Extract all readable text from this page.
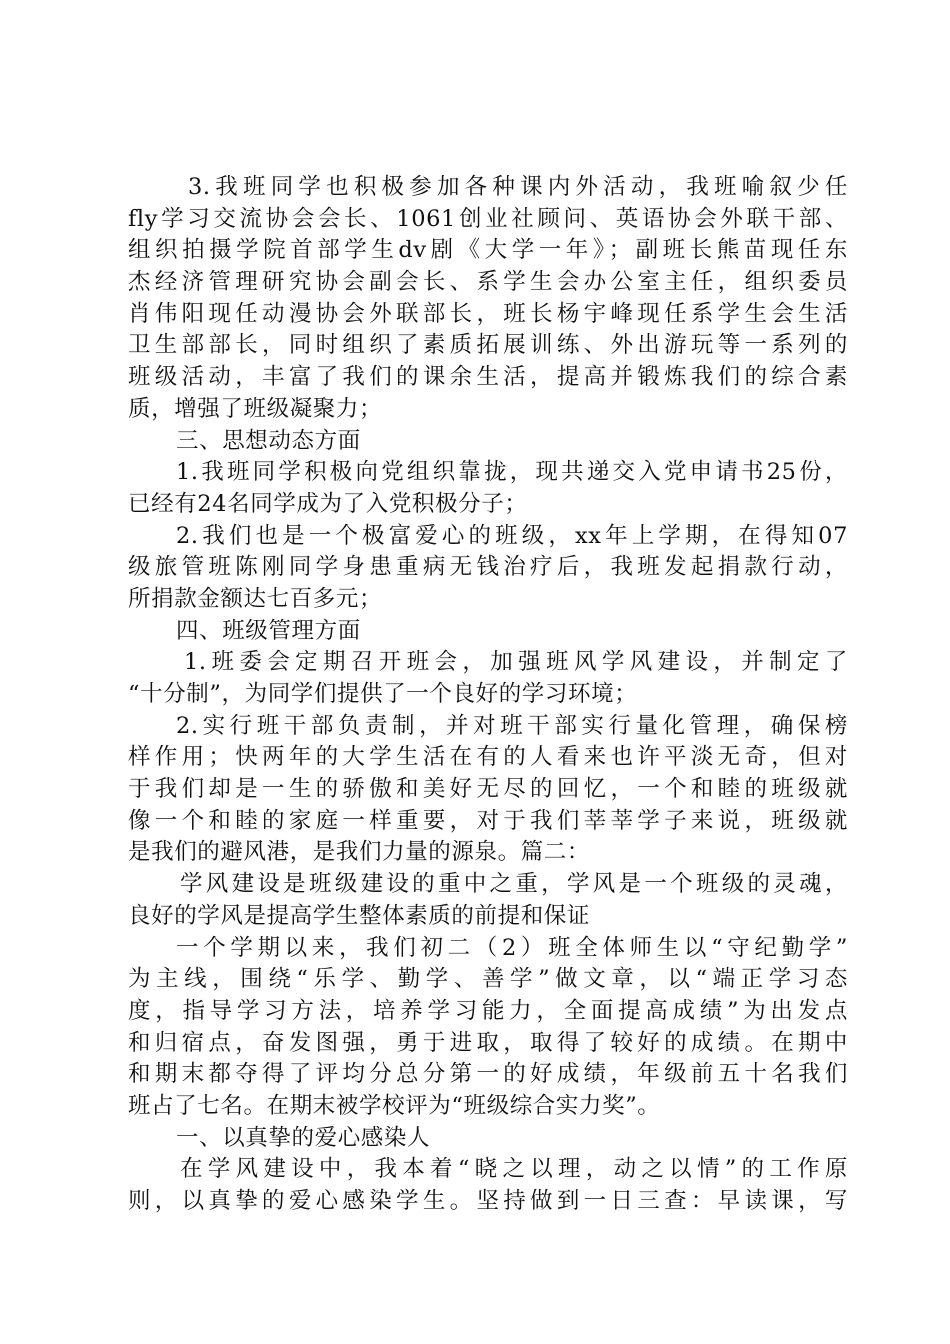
3.我班同学也积极参加各种课内外活动，我班喻叙少任
fly学习交流协会会长、1061创业社顾问、英语协会外联干部、
组织拍摄学院首部学生dv剧《大学一年》；副班长熊苗现任东
杰经济管理研究协会副会长、系学生会办公室主任，组织委员
肖伟阳现任动漫协会外联部长，班长杨宇峰现任系学生会生活
卫生部部长，同时组织了素质拓展训练、外出游玩等一系列的
班级活动，丰富了我们的课余生活，提高并锻炼我们的综合素
质，增强了班级凝聚力；
三、思想动态方面
1.我班同学积极向党组织靠拢，现共递交入党申请书25份，
已经有24名同学成为了入党积极分子；
2.我们也是一个极富爱心的班级，xx年上学期，在得知07
级旅管班陈刚同学身患重病无钱治疗后，我班发起捐款行动，
所捐款金额达七百多元；
四、班级管理方面
1.班委会定期召开班会，加强班风学风建设，并制定了
“十分制”，为同学们提供了一个良好的学习环境；
2.实行班干部负责制，并对班干部实行量化管理，确保榜
样作用；快两年的大学生活在有的人看来也许平淡无奇，但对
于我们却是一生的骄傲和美好无尽的回忆，一个和睦的班级就
像一个和睦的家庭一样重要，对于我们莘莘学子来说，班级就
是我们的避风港，是我们力量的源泉。篇二：
学风建设是班级建设的重中之重，学风是一个班级的灵魂，
良好的学风是提高学生整体素质的前提和保证
一个学期以来，我们初二（2）班全体师生以“守纪勤学”
为主线，围绕“乐学、勤学、善学”做文章，以“端正学习态
度，指导学习方法，培养学习能力，全面提高成绩”为出发点
和归宿点，奋发图强，勇于进取，取得了较好的成绩。在期中
和期末都夺得了评均分总分第一的好成绩，年级前五十名我们
班占了七名。在期末被学校评为“班级综合实力奖”。
一、以真挚的爱心感染人
在学风建设中，我本着“晓之以理，动之以情”的工作原
则，以真挚的爱心感染学生。坚持做到一日三查：早读课，写
